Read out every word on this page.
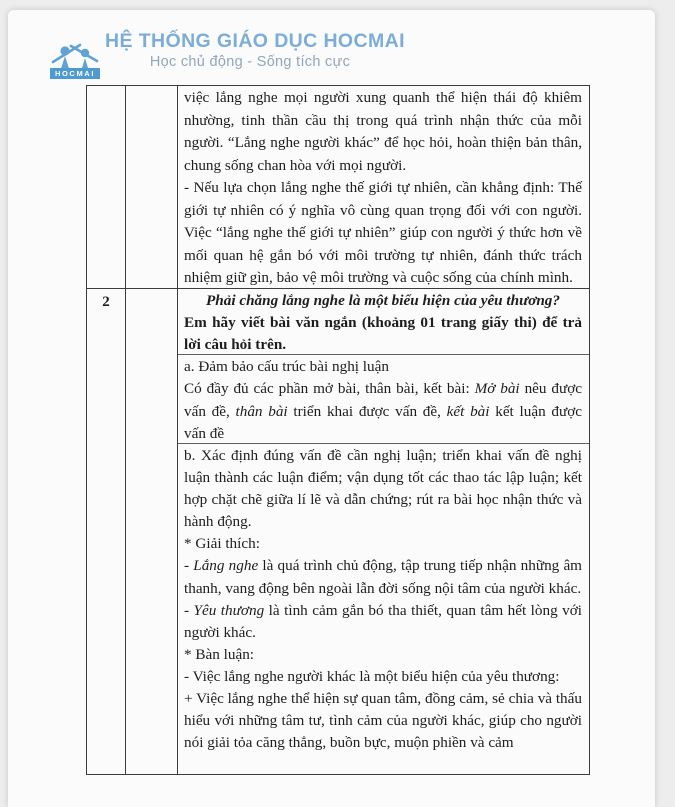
HOCMAI
HỆ THỐNG GIÁO DỤC HOCMAI
Học chủ động - Sống tích cực

việc lắng nghe mọi người xung quanh thể hiện thái độ khiêm nhường, tinh thần cầu thị trong quá trình nhận thức của mỗi người. “Lắng nghe người khác” để học hỏi, hoàn thiện bản thân, chung sống chan hòa với mọi người.

- Nếu lựa chọn lắng nghe thế giới tự nhiên, cần khẳng định: Thế giới tự nhiên có ý nghĩa vô cùng quan trọng đối với con người. Việc “lắng nghe thế giới tự nhiên” giúp con người ý thức hơn về mối quan hệ gắn bó với môi trường tự nhiên, đánh thức trách nhiệm giữ gìn, bảo vệ môi trường và cuộc sống của chính mình.

2	Phải chăng lắng nghe là một biểu hiện của yêu thương?

Em hãy viết bài văn ngắn (khoảng 01 trang giấy thi) để trả lời câu hỏi trên.

a. Đảm bảo cấu trúc bài nghị luận

Có đầy đủ các phần mở bài, thân bài, kết bài: Mở bài nêu được vấn đề, thân bài triển khai được vấn đề, kết bài kết luận được vấn đề

b. Xác định đúng vấn đề cần nghị luận; triển khai vấn đề nghị luận thành các luận điểm; vận dụng tốt các thao tác lập luận; kết hợp chặt chẽ giữa lí lẽ và dẫn chứng; rút ra bài học nhận thức và hành động.

* Giải thích:

- Lắng nghe là quá trình chủ động, tập trung tiếp nhận những âm thanh, vang động bên ngoài lẫn đời sống nội tâm của người khác.

- Yêu thương là tình cảm gắn bó tha thiết, quan tâm hết lòng với người khác.

* Bàn luận:

- Việc lắng nghe người khác là một biểu hiện của yêu thương:

+ Việc lắng nghe thể hiện sự quan tâm, đồng cảm, sẻ chia và thấu hiểu với những tâm tư, tình cảm của người khác, giúp cho người nói giải tỏa căng thẳng, buồn bực, muộn phiền và cảm
